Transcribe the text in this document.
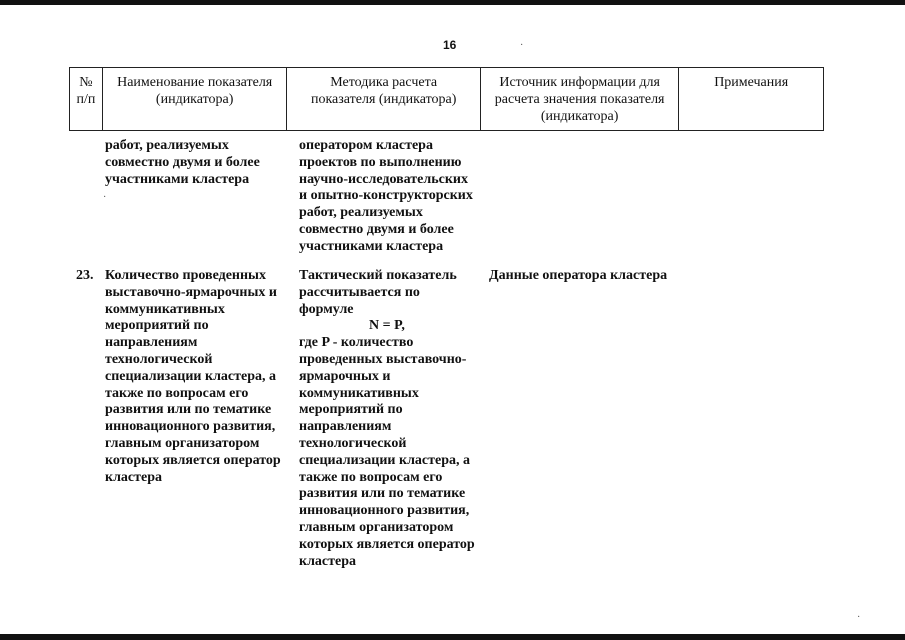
16
№
п/п
Наименование показателя
(индикатора)
Методика расчета
показателя (индикатора)
Источник информации для
расчета значения показателя
(индикатора)
Примечания
работ, реализуемых
совместно двумя и более
участниками кластера
оператором кластера
проектов по выполнению
научно-исследовательских
и опытно-конструкторских
работ, реализуемых
совместно двумя и более
участниками кластера
23. Количество проведенных
выставочно-ярмарочных и
коммуникативных
мероприятий по
направлениям
технологической
специализации кластера, а
также по вопросам его
развития или по тематике
инновационного развития,
главным организатором
которых является оператор
кластера
Тактический показатель
рассчитывается по
формуле
N = P,
где P - количество
проведенных выставочно-
ярмарочных и
коммуникативных
мероприятий по
направлениям
технологической
специализации кластера, а
также по вопросам его
развития или по тематике
инновационного развития,
главным организатором
которых является оператор
кластера
Данные оператора кластера
·
·
·
